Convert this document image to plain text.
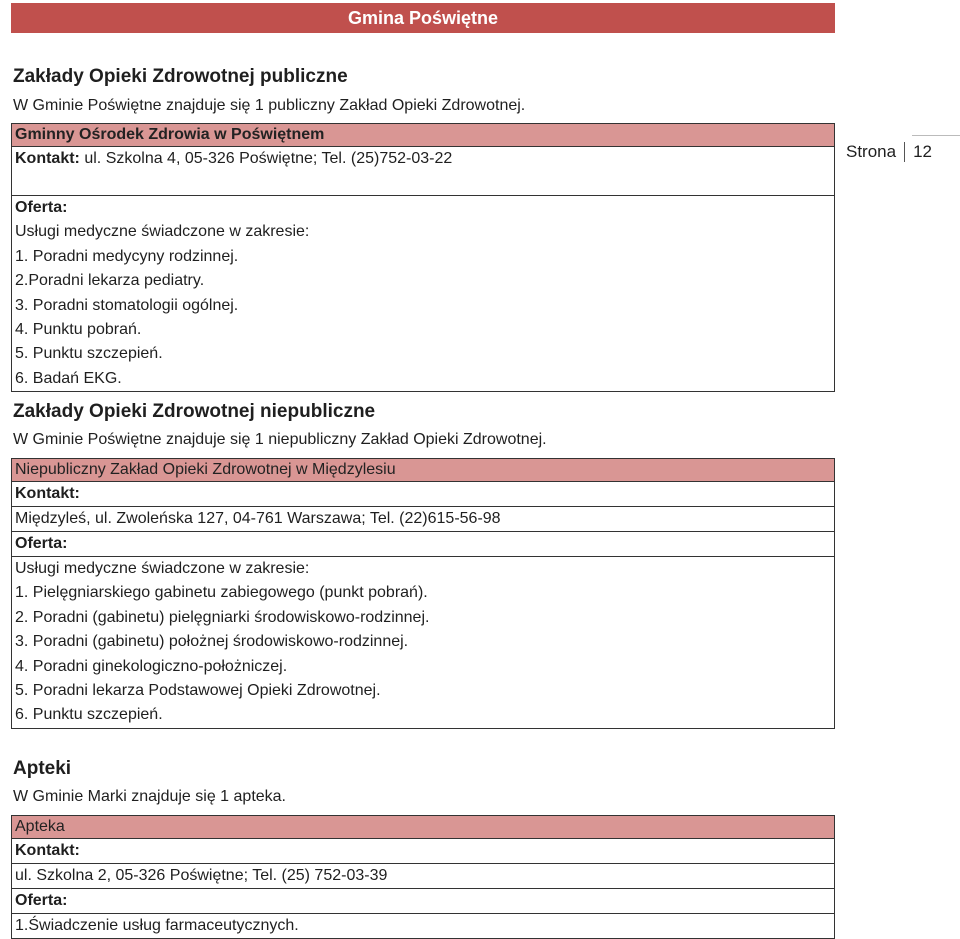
Gmina Poświętne
Strona 12
Zakłady Opieki Zdrowotnej publiczne
W Gminie Poświętne znajduje się 1 publiczny Zakład Opieki Zdrowotnej.
Gminny Ośrodek Zdrowia w Poświętnem
Kontakt: ul. Szkolna 4, 05-326 Poświętne; Tel. (25)752-03-22

Oferta:
Usługi medyczne świadczone w zakresie:
1. Poradni medycyny rodzinnej.
2.Poradni lekarza pediatry.
3. Poradni stomatologii ogólnej.
4. Punktu pobrań.
5. Punktu szczepień.
6. Badań EKG.
Zakłady Opieki Zdrowotnej niepubliczne
W Gminie Poświętne znajduje się 1 niepubliczny Zakład Opieki Zdrowotnej.
Niepubliczny Zakład Opieki Zdrowotnej w Międzylesiu
Kontakt:
Międzyleś, ul. Zwoleńska 127, 04-761 Warszawa; Tel. (22)615-56-98
Oferta:

Usługi medyczne świadczone w zakresie:
1. Pielęgniarskiego gabinetu zabiegowego (punkt pobrań).
2. Poradni (gabinetu) pielęgniarki środowiskowo-rodzinnej.
3. Poradni (gabinetu) położnej środowiskowo-rodzinnej.
4. Poradni ginekologiczno-położniczej.
5. Poradni lekarza Podstawowej Opieki Zdrowotnej.
6. Punktu szczepień.
Apteki
W Gminie Marki znajduje się 1 apteka.
Apteka
Kontakt:
ul. Szkolna 2, 05-326 Poświętne; Tel. (25) 752-03-39
Oferta:
1.Świadczenie usług farmaceutycznych.
